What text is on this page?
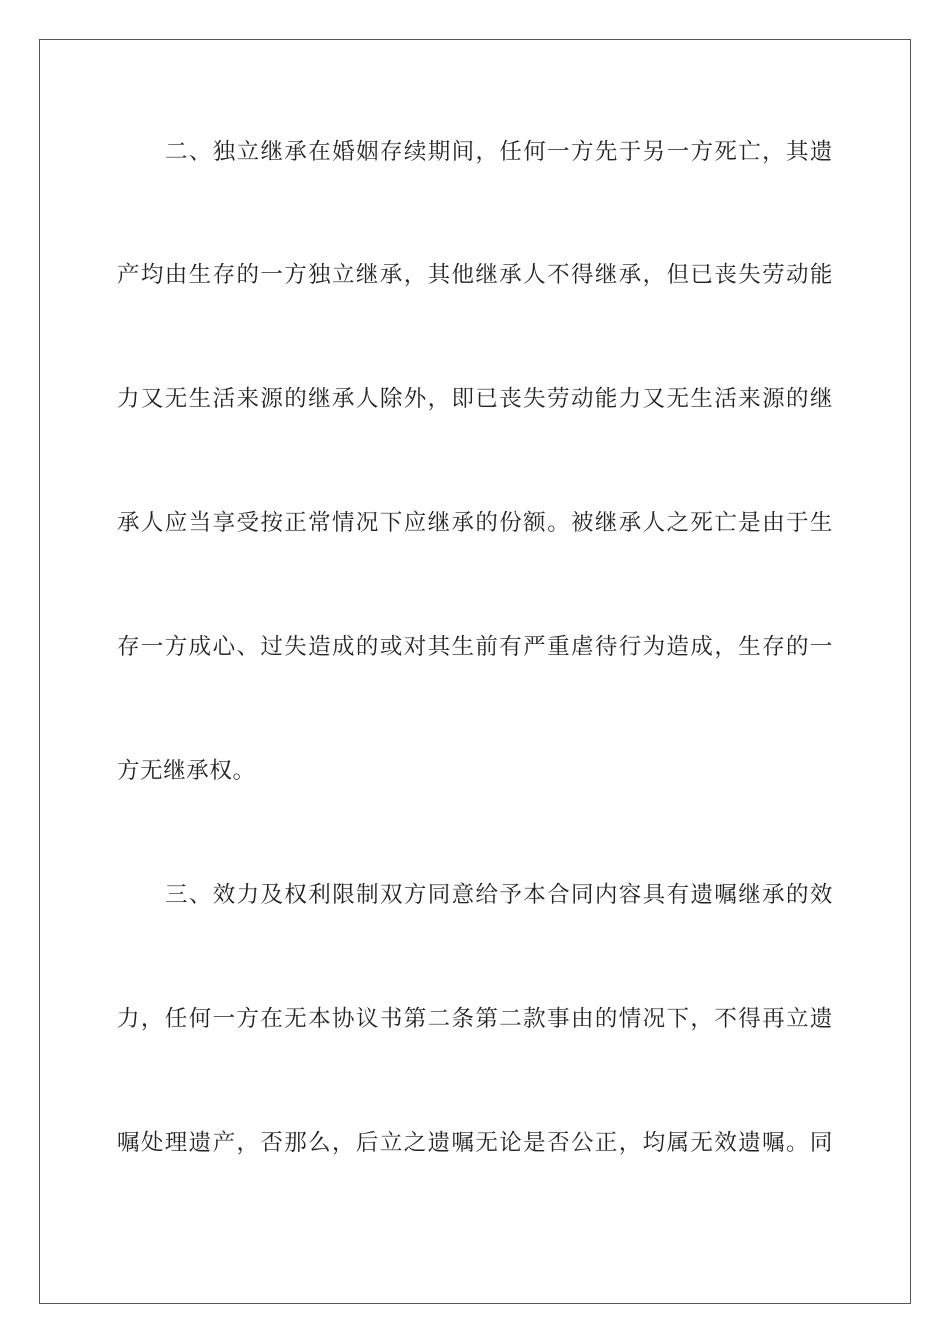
二、独立继承在婚姻存续期间，任何一方先于另一方死亡，其遗
产均由生存的一方独立继承，其他继承人不得继承，但已丧失劳动能
力又无生活来源的继承人除外，即已丧失劳动能力又无生活来源的继
承人应当享受按正常情况下应继承的份额。被继承人之死亡是由于生
存一方成心、过失造成的或对其生前有严重虐待行为造成，生存的一
方无继承权。
三、效力及权利限制双方同意给予本合同内容具有遗嘱继承的效
力，任何一方在无本协议书第二条第二款事由的情况下，不得再立遗
嘱处理遗产，否那么，后立之遗嘱无论是否公正，均属无效遗嘱。同
